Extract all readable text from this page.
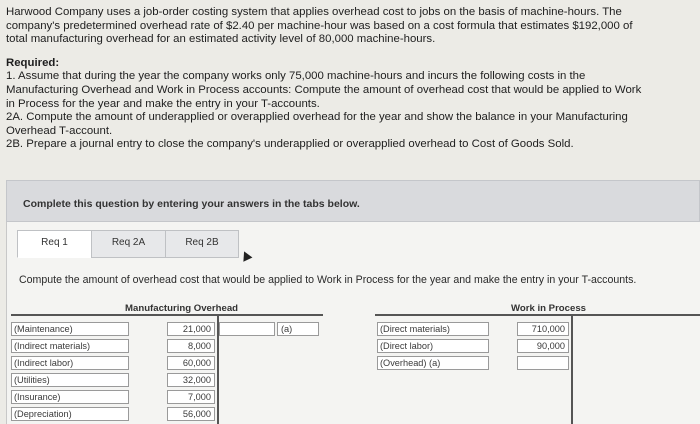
Harwood Company uses a job-order costing system that applies overhead cost to jobs on the basis of machine-hours. The

company's predetermined overhead rate of $2.40 per machine-hour was based on a cost formula that estimates $192,000 of

total manufacturing overhead for an estimated activity level of 80,000 machine-hours.

Required:

1. Assume that during the year the company works only 75,000 machine-hours and incurs the following costs in the

Manufacturing Overhead and Work in Process accounts: Compute the amount of overhead cost that would be applied to Work

in Process for the year and make the entry in your T-accounts.

2A. Compute the amount of underapplied or overapplied overhead for the year and show the balance in your Manufacturing

Overhead T-account.

2B. Prepare a journal entry to close the company's underapplied or overapplied overhead to Cost of Goods Sold.

Complete this question by entering your answers in the tabs below.
Req 1	Req 2A	Req 2B
Compute the amount of overhead cost that would be applied to Work in Process for the year and make the entry in your T-accounts.
Manufacturing Overhead
(Maintenance)	21,000	(a)
(Indirect materials)	8,000
(Indirect labor)	60,000
(Utilities)	32,000
(Insurance)	7,000
(Depreciation)	56,000
Work in Process
(Direct materials)	710,000
(Direct labor)	90,000
(Overhead) (a)
